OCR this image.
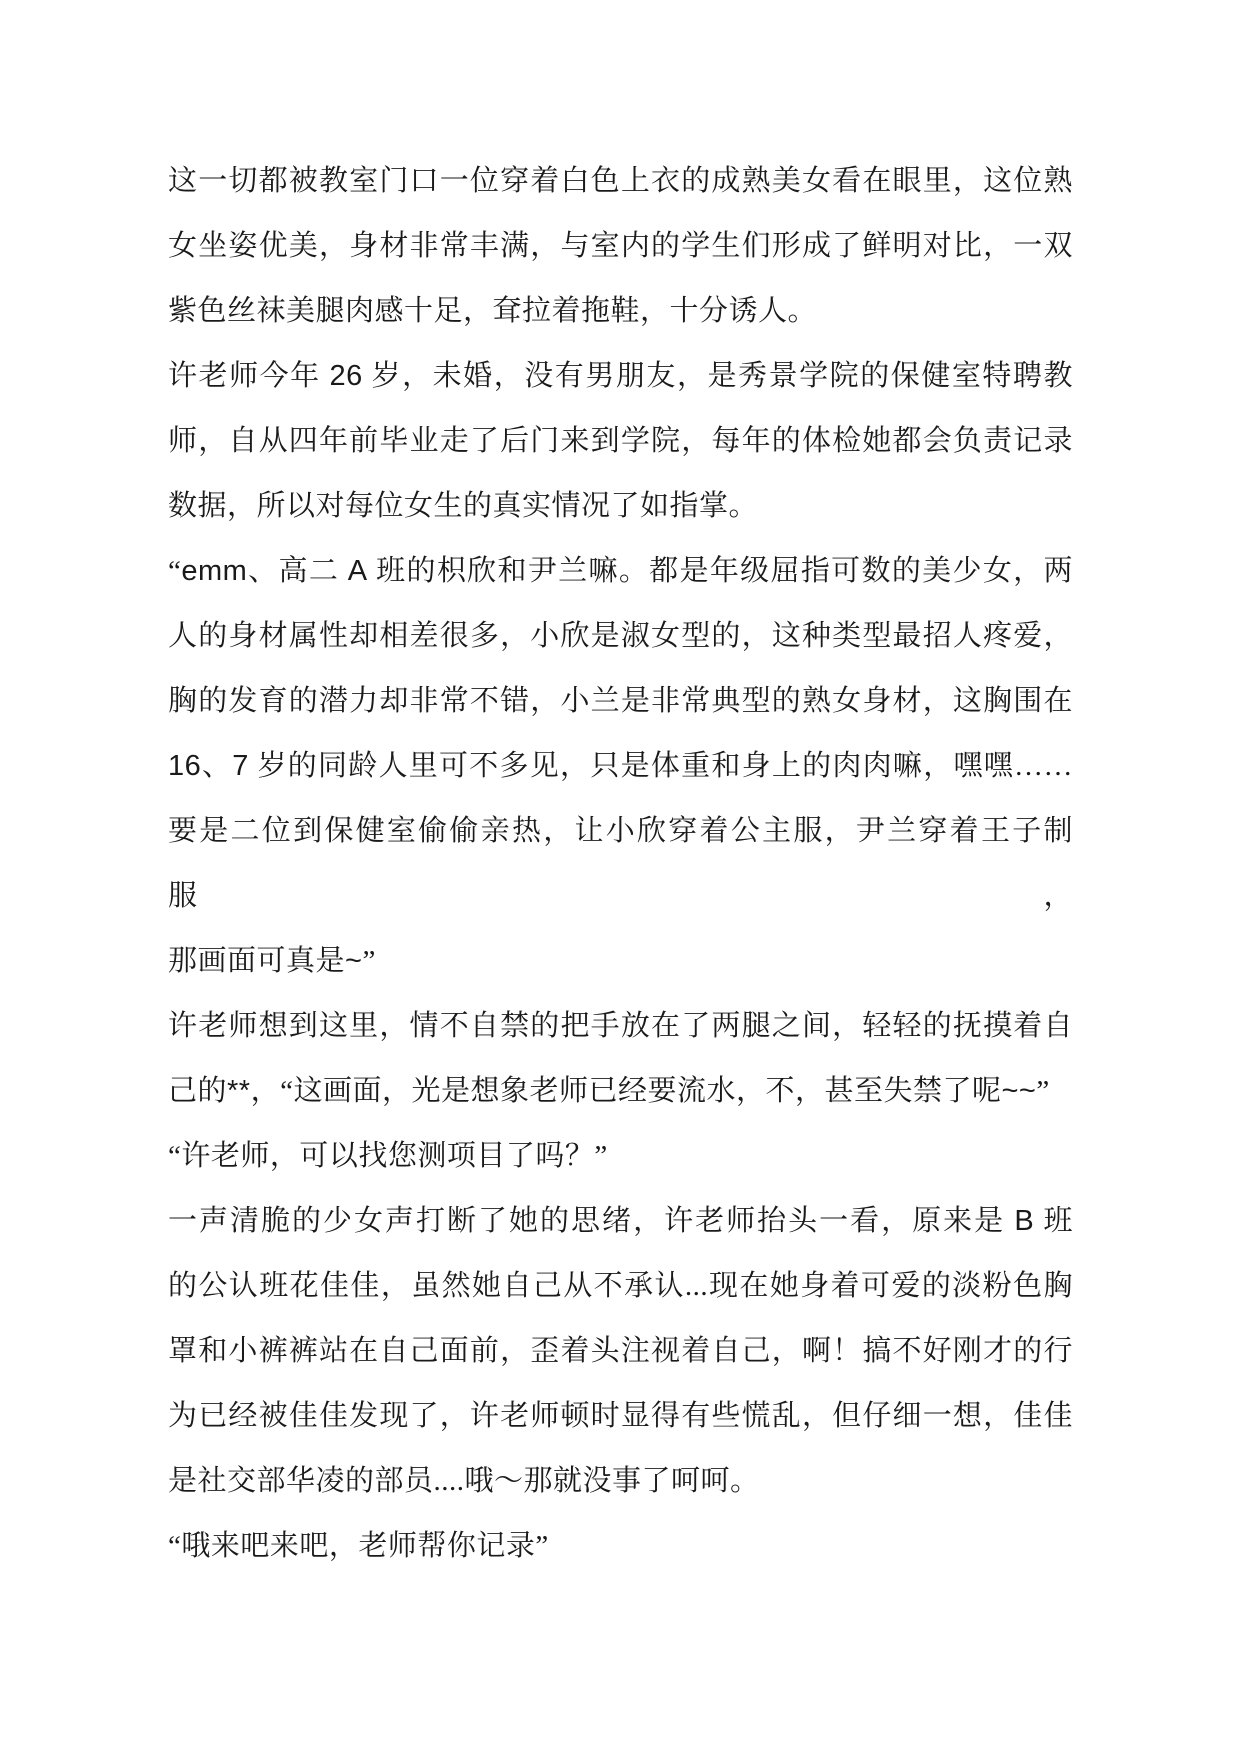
这一切都被教室门口一位穿着白色上衣的成熟美女看在眼里，这位熟
女坐姿优美，身材非常丰满，与室内的学生们形成了鲜明对比，一双
紫色丝袜美腿肉感十足，耷拉着拖鞋，十分诱人。
许老师今年 26 岁，未婚，没有男朋友，是秀景学院的保健室特聘教
师，自从四年前毕业走了后门来到学院，每年的体检她都会负责记录
数据，所以对每位女生的真实情况了如指掌。
“emm、高二 A 班的枳欣和尹兰嘛。都是年级屈指可数的美少女，两
人的身材属性却相差很多，小欣是淑女型的，这种类型最招人疼爱，
胸的发育的潜力却非常不错，小兰是非常典型的熟女身材，这胸围在
16、7 岁的同龄人里可不多见，只是体重和身上的肉肉嘛，嘿嘿……
要是二位到保健室偷偷亲热，让小欣穿着公主服，尹兰穿着王子制服，
那画面可真是~”
许老师想到这里，情不自禁的把手放在了两腿之间，轻轻的抚摸着自
己的**，“这画面，光是想象老师已经要流水，不，甚至失禁了呢~~”
“许老师，可以找您测项目了吗？”
一声清脆的少女声打断了她的思绪，许老师抬头一看，原来是 B 班
的公认班花佳佳，虽然她自己从不承认...现在她身着可爱的淡粉色胸
罩和小裤裤站在自己面前，歪着头注视着自己，啊！搞不好刚才的行
为已经被佳佳发现了，许老师顿时显得有些慌乱，但仔细一想，佳佳
是社交部华凌的部员....哦～那就没事了呵呵。
“哦来吧来吧，老师帮你记录”
